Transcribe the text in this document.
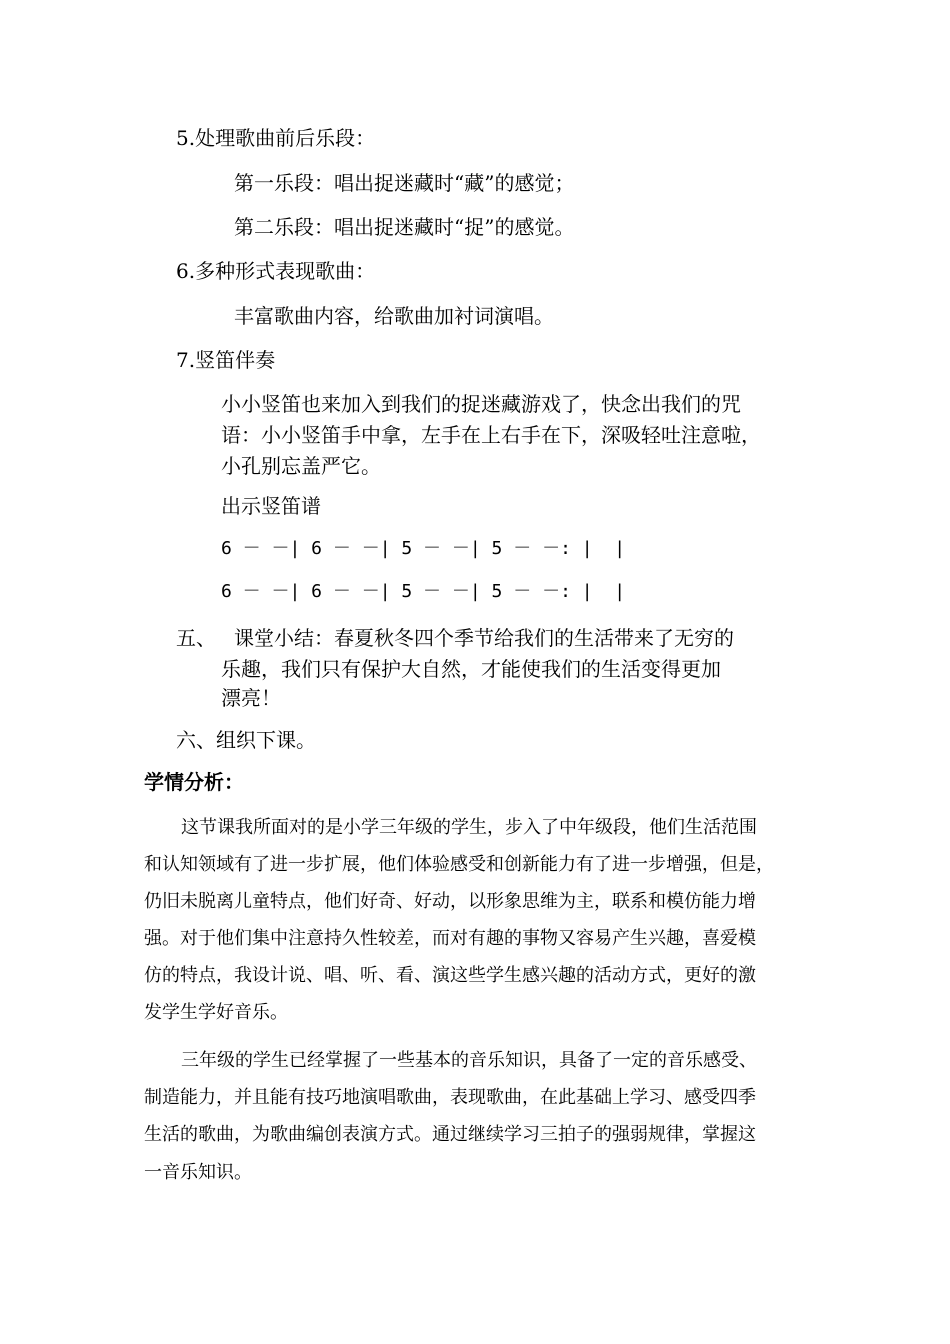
5.处理歌曲前后乐段：
第一乐段：唱出捉迷藏时“藏”的感觉；
第二乐段：唱出捉迷藏时“捉”的感觉。
6.多种形式表现歌曲：
丰富歌曲内容，给歌曲加衬词演唱。
7.竖笛伴奏
小小竖笛也来加入到我们的捉迷藏游戏了，快念出我们的咒
语：小小竖笛手中拿，左手在上右手在下，深吸轻吐注意啦，
小孔别忘盖严它。
出示竖笛谱
6 － －| 6 － －| 5 － －| 5 － －: |  |
6 － －| 6 － －| 5 － －| 5 － －: |  |
五、 课堂小结：春夏秋冬四个季节给我们的生活带来了无穷的
乐趣，我们只有保护大自然，才能使我们的生活变得更加
漂亮！
六、组织下课。
学情分析：
这节课我所面对的是小学三年级的学生，步入了中年级段，他们生活范围
和认知领域有了进一步扩展，他们体验感受和创新能力有了进一步增强，但是，
仍旧未脱离儿童特点，他们好奇、好动，以形象思维为主，联系和模仿能力增
强。对于他们集中注意持久性较差，而对有趣的事物又容易产生兴趣，喜爱模
仿的特点，我设计说、唱、听、看、演这些学生感兴趣的活动方式，更好的激
发学生学好音乐。
三年级的学生已经掌握了一些基本的音乐知识，具备了一定的音乐感受、
制造能力，并且能有技巧地演唱歌曲，表现歌曲，在此基础上学习、感受四季
生活的歌曲，为歌曲编创表演方式。通过继续学习三拍子的强弱规律，掌握这
一音乐知识。
